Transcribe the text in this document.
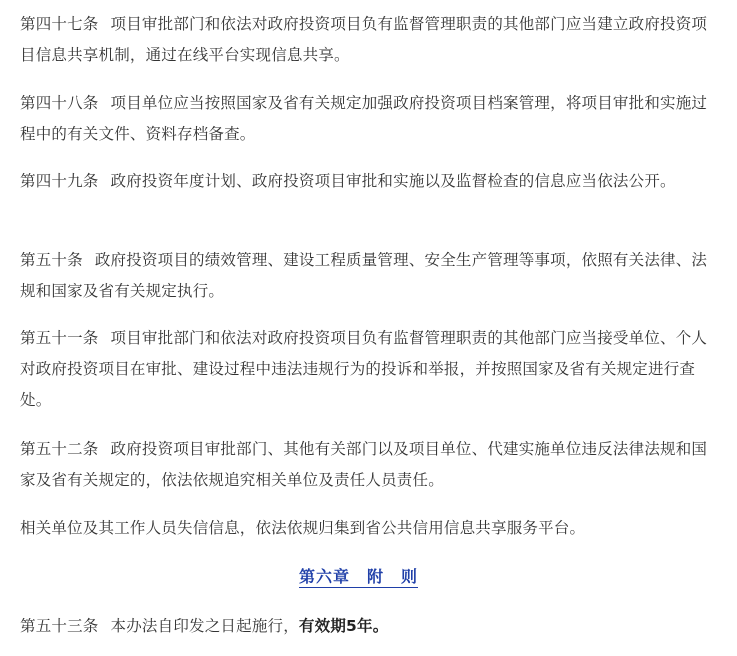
第四十七条 项目审批部门和依法对政府投资项目负有监督管理职责的其他部门应当建立政府投资项目信息共享机制，通过在线平台实现信息共享。

第四十八条 项目单位应当按照国家及省有关规定加强政府投资项目档案管理，将项目审批和实施过程中的有关文件、资料存档备查。

第四十九条 政府投资年度计划、政府投资项目审批和实施以及监督检查的信息应当依法公开。

第五十条 政府投资项目的绩效管理、建设工程质量管理、安全生产管理等事项，依照有关法律、法规和国家及省有关规定执行。

第五十一条 项目审批部门和依法对政府投资项目负有监督管理职责的其他部门应当接受单位、个人对政府投资项目在审批、建设过程中违法违规行为的投诉和举报，并按照国家及省有关规定进行查处。

第五十二条 政府投资项目审批部门、其他有关部门以及项目单位、代建实施单位违反法律法规和国家及省有关规定的，依法依规追究相关单位及责任人员责任。

相关单位及其工作人员失信信息，依法依规归集到省公共信用信息共享服务平台。

第六章　附　则

第五十三条 本办法自印发之日起施行，有效期5年。
